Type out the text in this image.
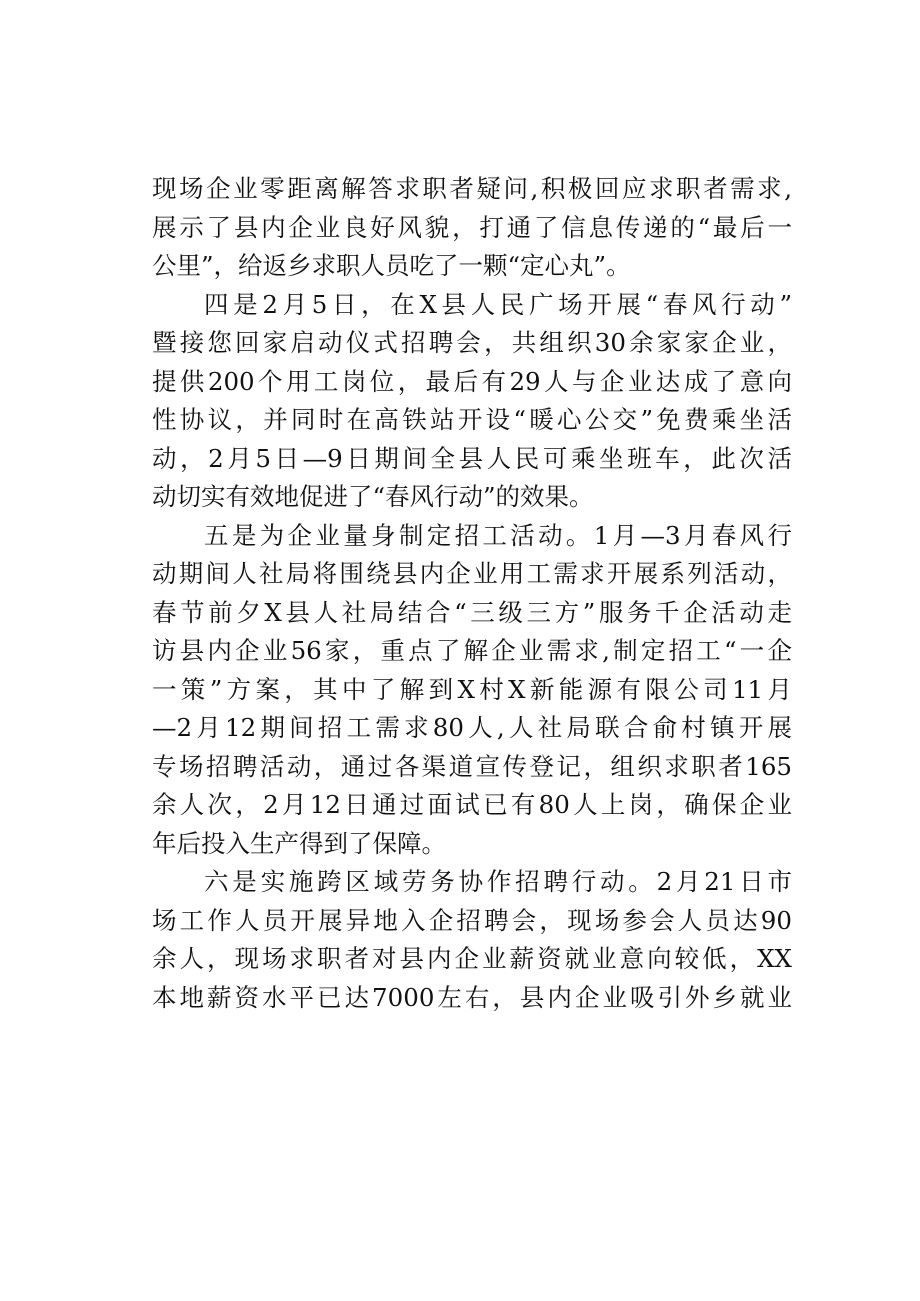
现场企业零距离解答求职者疑问,积极回应求职者需求,
展示了县内企业良好风貌，打通了信息传递的“最后一
公里”，给返乡求职人员吃了一颗“定心丸”。
四是2月5日，在X县人民广场开展“春风行动”
暨接您回家启动仪式招聘会，共组织30余家家企业，
提供200个用工岗位，最后有29人与企业达成了意向
性协议，并同时在高铁站开设“暖心公交”免费乘坐活
动，2月5日—9日期间全县人民可乘坐班车，此次活
动切实有效地促进了“春风行动”的效果。
五是为企业量身制定招工活动。1月—3月春风行
动期间人社局将围绕县内企业用工需求开展系列活动，
春节前夕X县人社局结合“三级三方”服务千企活动走
访县内企业56家，重点了解企业需求,制定招工“一企
一策”方案，其中了解到X村X新能源有限公司11月
—2月12期间招工需求80人,人社局联合俞村镇开展
专场招聘活动，通过各渠道宣传登记，组织求职者165
余人次，2月12日通过面试已有80人上岗，确保企业
年后投入生产得到了保障。
六是实施跨区域劳务协作招聘行动。2月21日市
场工作人员开展异地入企招聘会，现场参会人员达90
余人，现场求职者对县内企业薪资就业意向较低，XX
本地薪资水平已达7000左右，县内企业吸引外乡就业
